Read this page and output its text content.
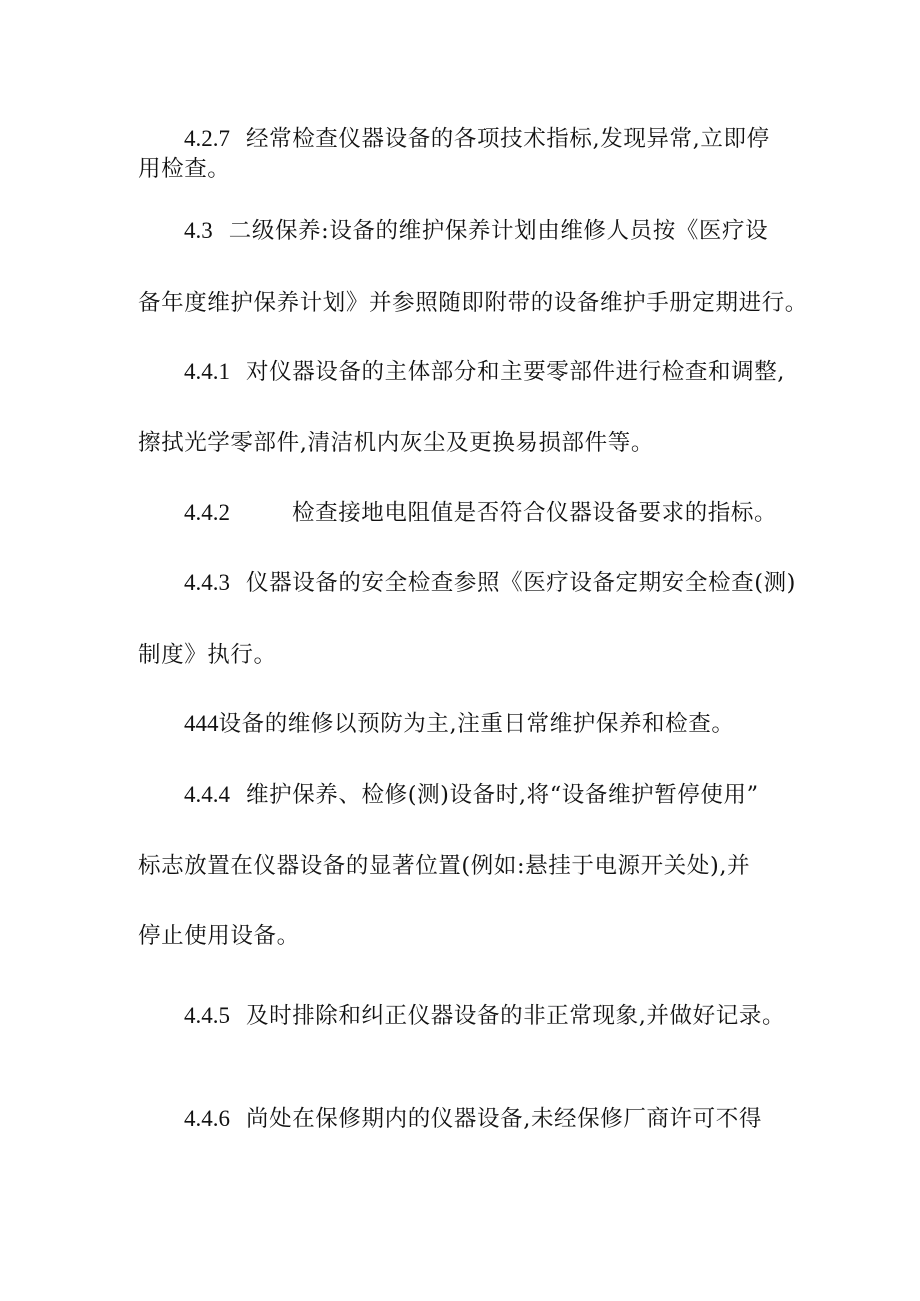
4.2.7 经常检查仪器设备的各项技术指标,发现异常,立即停
用检查。
4.3 二级保养:设备的维护保养计划由维修人员按《医疗设
备年度维护保养计划》并参照随即附带的设备维护手册定期进行。
4.4.1 对仪器设备的主体部分和主要零部件进行检查和调整,
擦拭光学零部件,清洁机内灰尘及更换易损部件等。
4.4.2	检查接地电阻值是否符合仪器设备要求的指标。
4.4.3 仪器设备的安全检查参照《医疗设备定期安全检查(测)
制度》执行。
444设备的维修以预防为主,注重日常维护保养和检查。
4.4.4 维护保养、检修(测)设备时,将“设备维护暂停使用”
标志放置在仪器设备的显著位置(例如:悬挂于电源开关处),并
停止使用设备。
4.4.5 及时排除和纠正仪器设备的非正常现象,并做好记录。
4.4.6 尚处在保修期内的仪器设备,未经保修厂商许可不得
